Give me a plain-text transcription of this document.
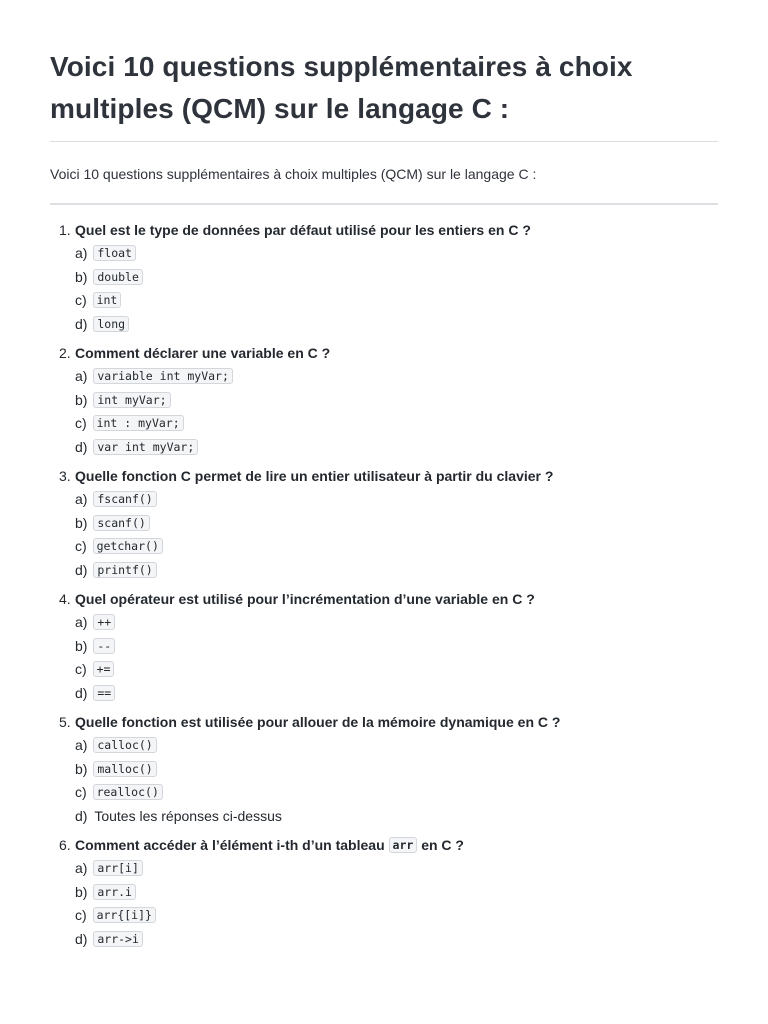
Voici 10 questions supplémentaires à choix multiples (QCM) sur le langage C :

Voici 10 questions supplémentaires à choix multiples (QCM) sur le langage C :

1. Quel est le type de données par défaut utilisé pour les entiers en C ?
a) float
b) double
c) int
d) long
2. Comment déclarer une variable en C ?
a) variable int myVar;
b) int myVar;
c) int : myVar;
d) var int myVar;
3. Quelle fonction C permet de lire un entier utilisateur à partir du clavier ?
a) fscanf()
b) scanf()
c) getchar()
d) printf()
4. Quel opérateur est utilisé pour l’incrémentation d’une variable en C ?
a) ++
b) --
c) +=
d) ==
5. Quelle fonction est utilisée pour allouer de la mémoire dynamique en C ?
a) calloc()
b) malloc()
c) realloc()
d) Toutes les réponses ci-dessus
6. Comment accéder à l’élément i-th d’un tableau arr en C ?
a) arr[i]
b) arr.i
c) arr{[i]}
d) arr->i
